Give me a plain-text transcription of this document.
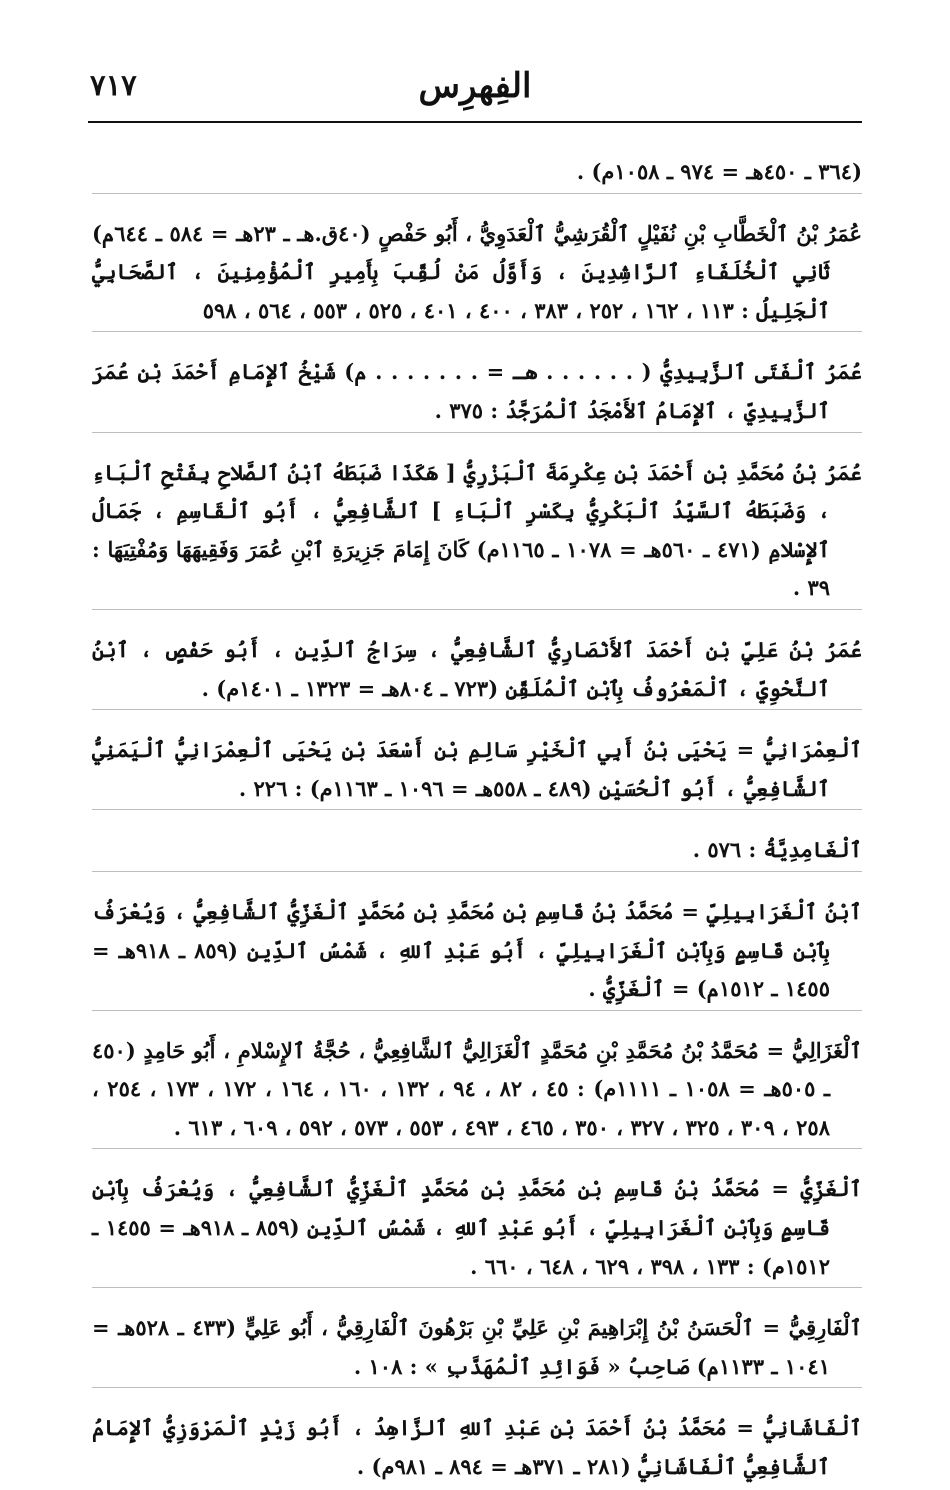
٧١٧	الفِهرِس

(٣٦٤ ـ ٤٥٠هـ = ٩٧٤ ـ ١٠٥٨م) .

عُمَرُ بْنُ ٱلْخَطَّابِ بْنِ نُفَيْلٍ ٱلْقُرَشِيُّ ٱلْعَدَوِيُّ ، أَبُو حَفْصٍ (٤٠ق.هـ ـ ٢٣هـ = ٥٨٤ ـ ٦٤٤م) ثَانِي ٱلْخُلَفَاءِ ٱلرَّاشِدِينَ ، وَأَوَّلُ مَنْ لُقِّبَ بِأَمِيرِ ٱلْمُؤْمِنِينَ ، ٱلصَّحَابِيُّ ٱلْجَلِيلُ : ١١٣ ، ١٦٢ ، ٢٥٢ ، ٣٨٣ ، ٤٠٠ ، ٤٠١ ، ٥٢٥ ، ٥٥٣ ، ٥٦٤ ، ٥٩٨

عُمَرُ ٱلْفَتَى ٱلزَّبِيدِيُّ ( . . . . . . هـ = . . . . . . . م) شَيْخُ ٱلإِمَامِ أَحْمَدَ بْنِ عُمَرَ ٱلزَّبِيدِيِّ ، ٱلإِمَامُ ٱلأَمْجَدُ ٱلْمُرَجَّدُ : ٣٧٥ .

عُمَرُ بْنُ مُحَمَّدِ بْنِ أَحْمَدَ بْنِ عِكْرِمَةَ ٱلْبَزْرِيُّ [ هَكَذَا ضَبَطَهُ ٱبْنُ ٱلصَّلاحِ بِفَتْحِ ٱلْبَاءِ ، وَضَبَطَهُ ٱلسَّيِّدُ ٱلْبَكْرِيُّ بِكَسْرِ ٱلْبَاءِ ] ٱلشَّافِعِيُّ ، أَبُو ٱلْقَاسِمِ ، جَمَالُ ٱلإِسْلامِ (٤٧١ ـ ٥٦٠هـ = ١٠٧٨ ـ ١١٦٥م) كَانَ إِمَامَ جَزِيرَةِ ٱبْنِ عُمَرَ وَفَقِيهَهَا وَمُفْتِيَهَا : ٣٩ .

عُمَرُ بْنُ عَلِيِّ بْنِ أَحْمَدَ ٱلأَنْصَارِيُّ ٱلشَّافِعِيُّ ، سِرَاجُ ٱلدِّينِ ، أَبُو حَفْصٍ ، ٱبْنُ ٱلنَّحْوِيِّ ، ٱلْمَعْرُوفُ بِٱبْنِ ٱلْمُلَقِّنِ (٧٢٣ ـ ٨٠٤هـ = ١٣٢٣ ـ ١٤٠١م) .

ٱلْعِمْرَانِيُّ = يَحْيَى بْنُ أَبِي ٱلْخَيْرِ سَالِمِ بْنِ أَسْعَدَ بْنِ يَحْيَى ٱلْعِمْرَانِيُّ ٱلْيَمَنِيُّ ٱلشَّافِعِيُّ ، أَبُو ٱلْحُسَيْنِ (٤٨٩ ـ ٥٥٨هـ = ١٠٩٦ ـ ١١٦٣م) : ٢٢٦ .

ٱلْغَامِدِيَّةُ : ٥٧٦ .

ٱبْنُ ٱلْغَرَابِيلِيِّ = مُحَمَّدُ بْنُ قَاسِمِ بْنِ مُحَمَّدِ بْنِ مُحَمَّدٍ ٱلْغَزِّيُّ ٱلشَّافِعِيُّ ، وَيُعْرَفُ بِٱبْنِ قَاسِمٍ وَبِٱبْنِ ٱلْغَرَابِيلِيِّ ، أَبُو عَبْدِ ٱللهِ ، شَمْسُ ٱلدِّينِ (٨٥٩ ـ ٩١٨هـ = ١٤٥٥ ـ ١٥١٢م) = ٱلْغَزِّيُّ .

ٱلْغَزَالِيُّ = مُحَمَّدُ بْنُ مُحَمَّدِ بْنِ مُحَمَّدٍ ٱلْغَزَالِيُّ ٱلشَّافِعِيُّ ، حُجَّةُ ٱلإِسْلامِ ، أَبُو حَامِدٍ (٤٥٠ ـ ٥٠٥هـ = ١٠٥٨ ـ ١١١١م) : ٤٥ ، ٨٢ ، ٩٤ ، ١٣٢ ، ١٦٠ ، ١٦٤ ، ١٧٢ ، ١٧٣ ، ٢٥٤ ، ٢٥٨ ، ٣٠٩ ، ٣٢٥ ، ٣٢٧ ، ٣٥٠ ، ٤٦٥ ، ٤٩٣ ، ٥٥٣ ، ٥٧٣ ، ٥٩٢ ، ٦٠٩ ، ٦١٣ .

ٱلْغَزِّيُّ = مُحَمَّدُ بْنُ قَاسِمِ بْنِ مُحَمَّدِ بْنِ مُحَمَّدٍ ٱلْغَزِّيُّ ٱلشَّافِعِيُّ ، وَيُعْرَفُ بِٱبْنِ قَاسِمٍ وَبِٱبْنِ ٱلْغَرَابِيلِيِّ ، أَبُو عَبْدِ ٱللهِ ، شَمْسُ ٱلدِّينِ (٨٥٩ ـ ٩١٨هـ = ١٤٥٥ ـ ١٥١٢م) : ١٣٣ ، ٣٩٨ ، ٦٢٩ ، ٦٤٨ ، ٦٦٠ .

ٱلْفَارِقِيُّ = ٱلْحَسَنُ بْنُ إِبْرَاهِيمَ بْنِ عَلِيِّ بْنِ بَرْهُونَ ٱلْفَارِقِيُّ ، أَبُو عَلِيٍّ (٤٣٣ ـ ٥٢٨هـ = ١٠٤١ ـ ١١٣٣م) صَاحِبُ « فَوَائِدِ ٱلْمُهَذَّبِ » : ١٠٨ .

ٱلْفَاشَانِيُّ = مُحَمَّدُ بْنُ أَحْمَدَ بْنِ عَبْدِ ٱللهِ ٱلزَّاهِدُ ، أَبُو زَيْدٍ ٱلْمَرْوَزِيُّ ٱلإِمَامُ ٱلشَّافِعِيُّ ٱلْفَاشَانِيُّ (٢٨١ ـ ٣٧١هـ = ٨٩٤ ـ ٩٨١م) .
